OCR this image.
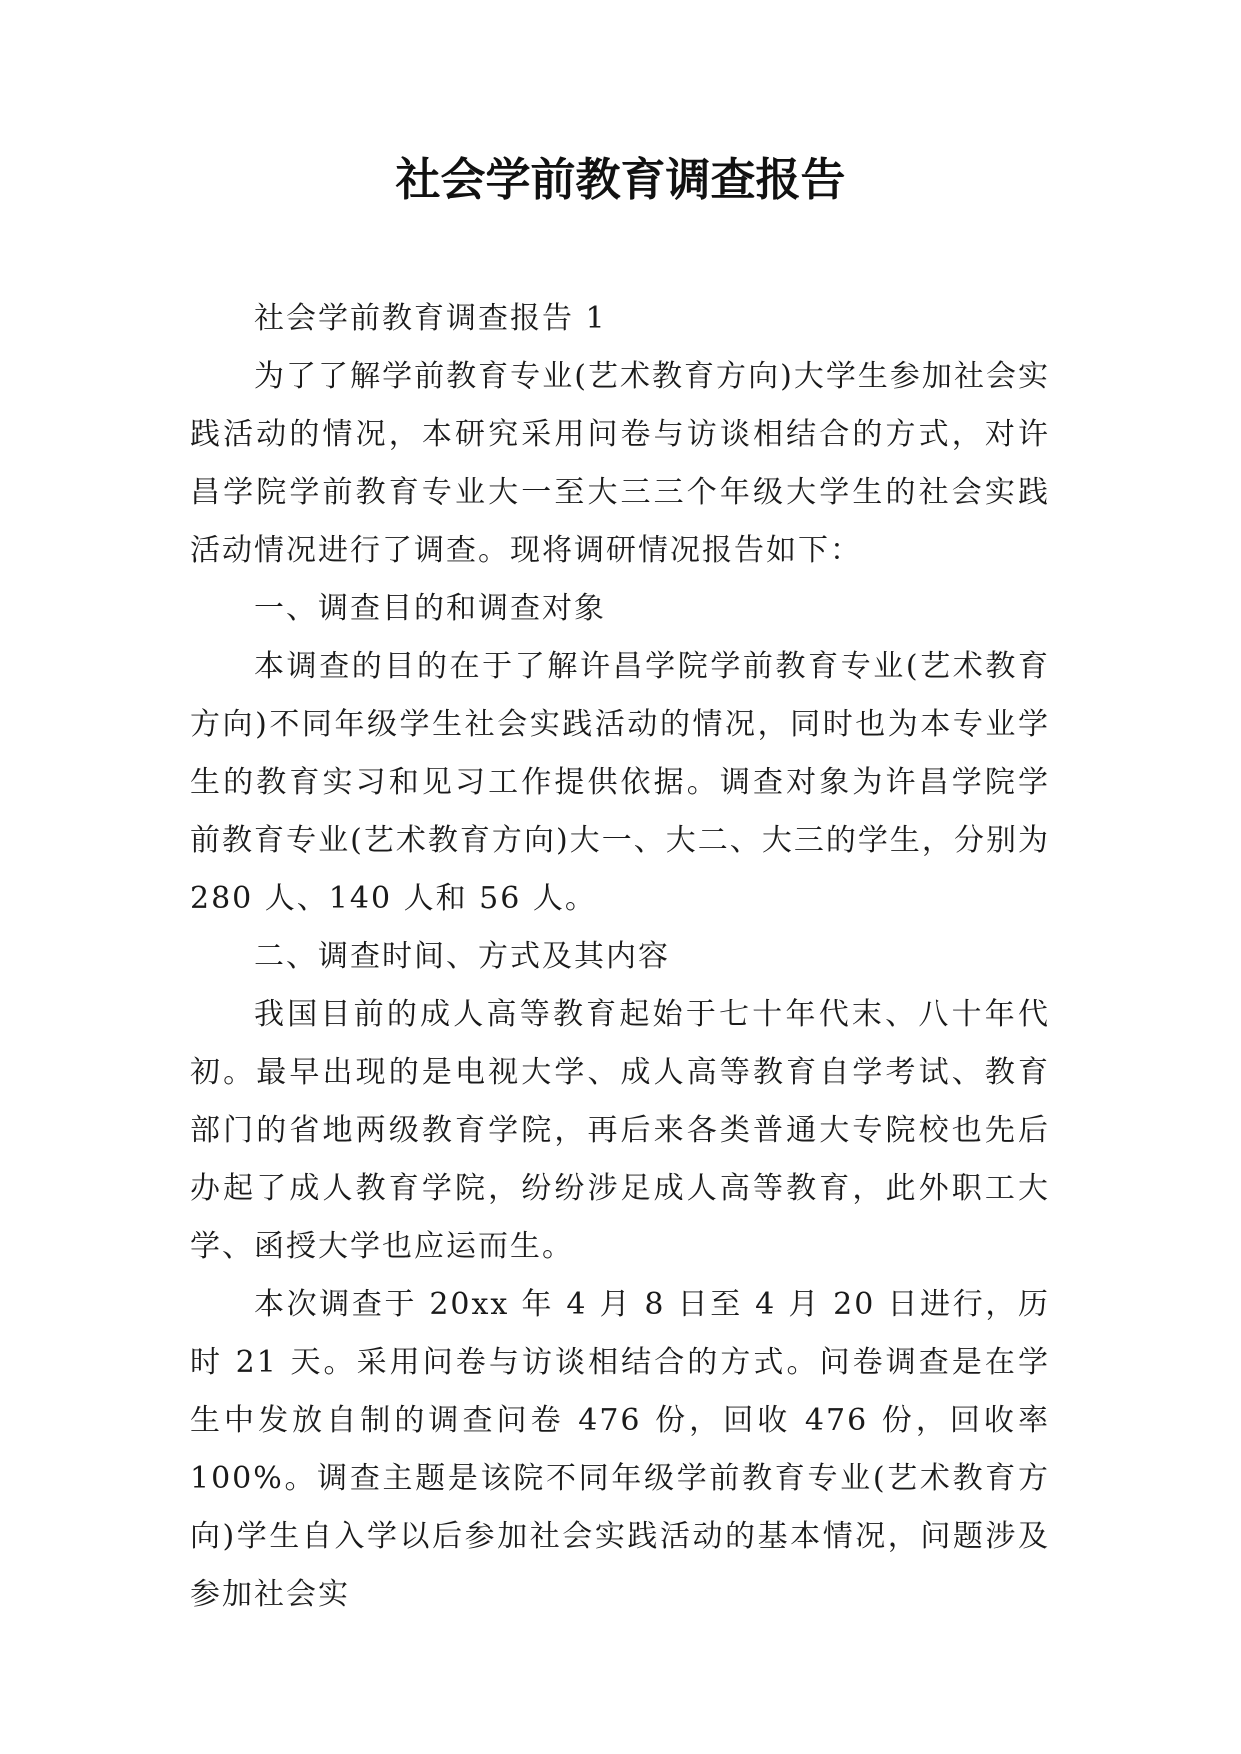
社会学前教育调查报告

社会学前教育调查报告 1

为了了解学前教育专业(艺术教育方向)大学生参加社会实践活动的情况，本研究采用问卷与访谈相结合的方式，对许昌学院学前教育专业大一至大三三个年级大学生的社会实践活动情况进行了调查。现将调研情况报告如下：

一、调查目的和调查对象

本调查的目的在于了解许昌学院学前教育专业(艺术教育方向)不同年级学生社会实践活动的情况，同时也为本专业学生的教育实习和见习工作提供依据。调查对象为许昌学院学前教育专业(艺术教育方向)大一、大二、大三的学生，分别为 280 人、140 人和 56 人。

二、调查时间、方式及其内容

我国目前的成人高等教育起始于七十年代末、八十年代初。最早出现的是电视大学、成人高等教育自学考试、教育部门的省地两级教育学院，再后来各类普通大专院校也先后办起了成人教育学院，纷纷涉足成人高等教育，此外职工大学、函授大学也应运而生。

本次调查于 20xx 年 4 月 8 日至 4 月 20 日进行，历时 21 天。采用问卷与访谈相结合的方式。问卷调查是在学生中发放自制的调查问卷 476 份，回收 476 份，回收率 100%。调查主题是该院不同年级学前教育专业(艺术教育方向)学生自入学以后参加社会实践活动的基本情况，问题涉及参加社会实
